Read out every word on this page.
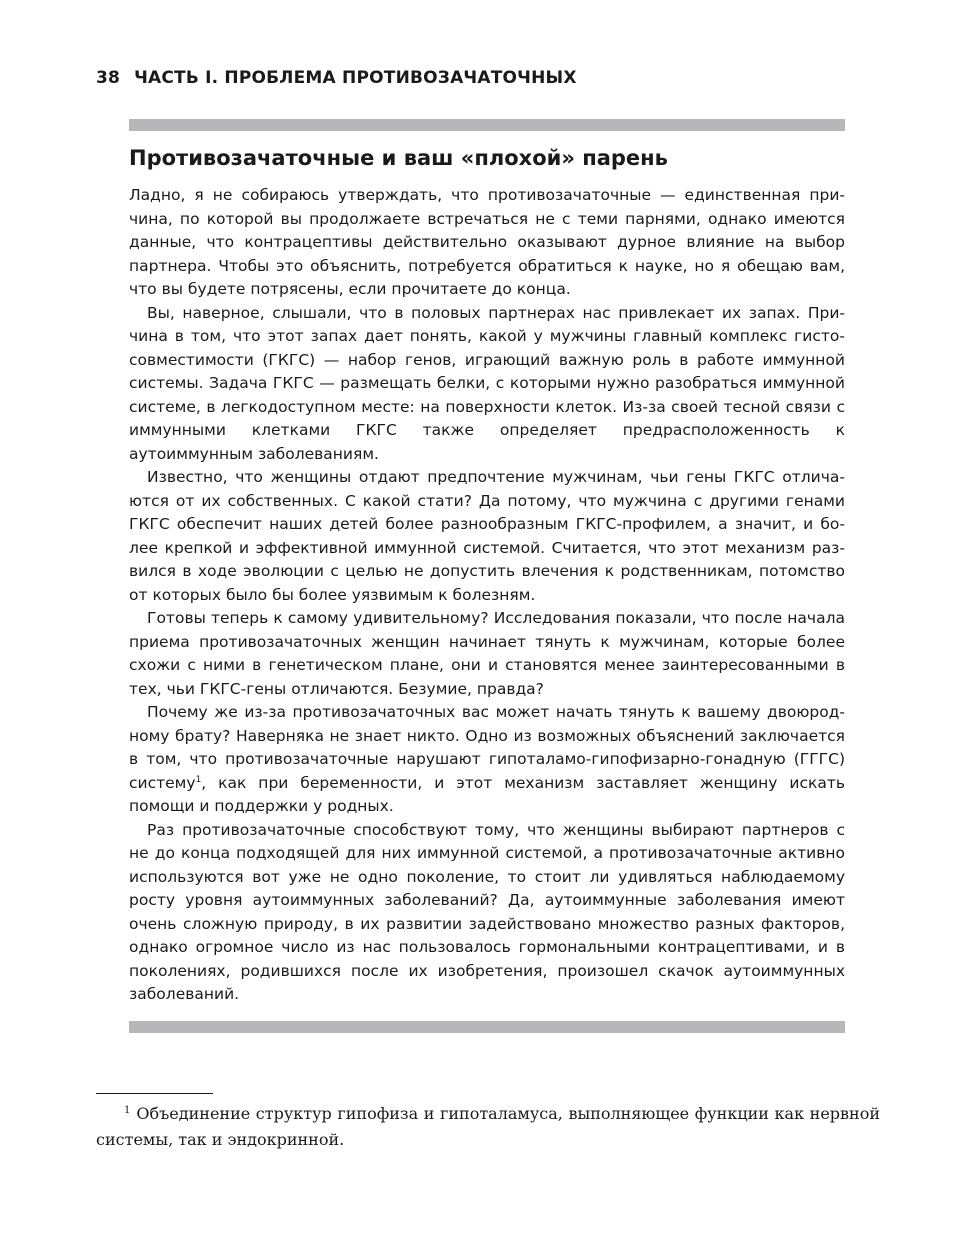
38 ЧАСТЬ I. ПРОБЛЕМА ПРОТИВОЗАЧАТОЧНЫХ
Противозачаточные и ваш «плохой» парень

Ладно, я не собираюсь утверждать, что противозачаточные — единственная причина, по которой вы продолжаете встречаться не с теми парнями, однако имеются данные, что контрацептивы действительно оказывают дурное влияние на выбор партнера. Чтобы это объяснить, потребуется обратиться к науке, но я обещаю вам, что вы будете потрясены, если прочитаете до конца.

Вы, наверное, слышали, что в половых партнерах нас привлекает их запах. Причина в том, что этот запах дает понять, какой у мужчины главный комплекс гистосовместимости (ГКГС) — набор генов, играющий важную роль в работе иммунной системы. Задача ГКГС — размещать белки, с которыми нужно разобраться иммунной системе, в легкодоступном месте: на поверхности клеток. Из-за своей тесной связи с иммунными клетками ГКГС также определяет предрасположенность к аутоиммунным заболеваниям.

Известно, что женщины отдают предпочтение мужчинам, чьи гены ГКГС отличаются от их собственных. С какой стати? Да потому, что мужчина с другими генами ГКГС обеспечит наших детей более разнообразным ГКГС-профилем, а значит, и более крепкой и эффективной иммунной системой. Считается, что этот механизм развился в ходе эволюции с целью не допустить влечения к родственникам, потомство от которых было бы более уязвимым к болезням.

Готовы теперь к самому удивительному? Исследования показали, что после начала приема противозачаточных женщин начинает тянуть к мужчинам, которые более схожи с ними в генетическом плане, они и становятся менее заинтересованными в тех, чьи ГКГС-гены отличаются. Безумие, правда?

Почему же из-за противозачаточных вас может начать тянуть к вашему двоюродному брату? Наверняка не знает никто. Одно из возможных объяснений заключается в том, что противозачаточные нарушают гипоталамо-гипофизарно-гонадную (ГГГС) систему$^1$, как при беременности, и этот механизм заставляет женщину искать помощи и поддержки у родных.

Раз противозачаточные способствуют тому, что женщины выбирают партнеров с не до конца подходящей для них иммунной системой, а противозачаточные активно используются вот уже не одно поколение, то стоит ли удивляться наблюдаемому росту уровня аутоиммунных заболеваний? Да, аутоиммунные заболевания имеют очень сложную природу, в их развитии задействовано множество разных факторов, однако огромное число из нас пользовалось гормональными контрацептивами, и в поколениях, родившихся после их изобретения, произошел скачок аутоиммунных заболеваний.

$^1$ Объединение структур гипофиза и гипоталамуса, выполняющее функции как нервной системы, так и эндокринной.
